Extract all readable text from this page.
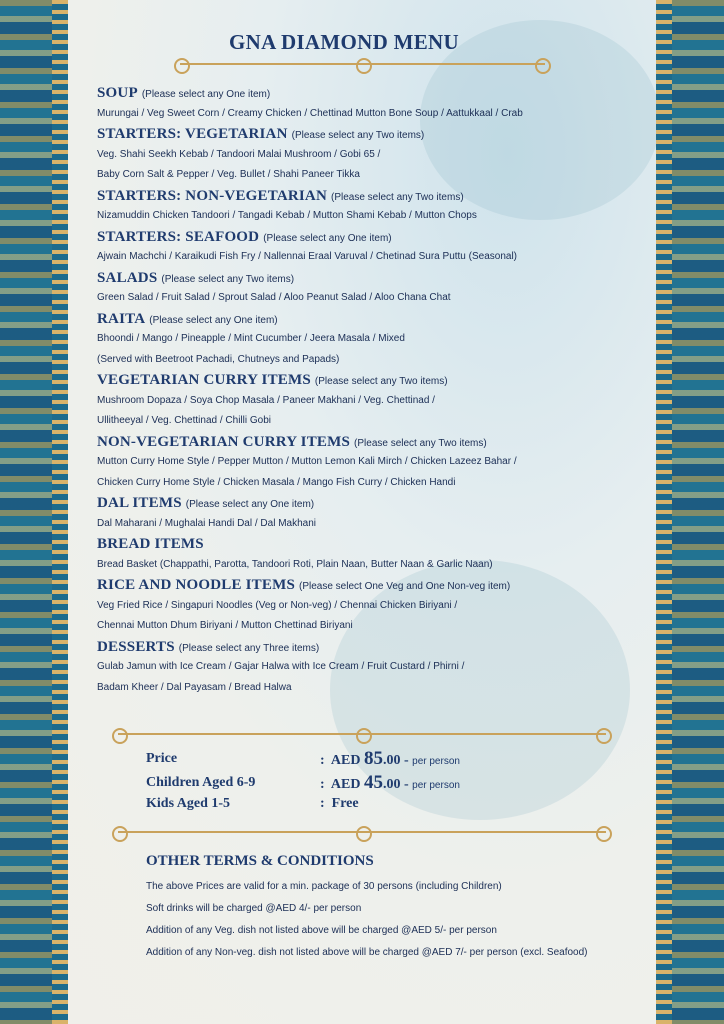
GNA DIAMOND MENU
SOUP (Please select any One item)
Murungai / Veg Sweet Corn / Creamy Chicken / Chettinad Mutton Bone Soup / Aattukkaal / Crab
STARTERS: VEGETARIAN (Please select any Two items)
Veg. Shahi Seekh Kebab / Tandoori Malai Mushroom / Gobi 65 /
Baby Corn Salt & Pepper / Veg. Bullet / Shahi Paneer Tikka
STARTERS: NON-VEGETARIAN (Please select any Two items)
Nizamuddin Chicken Tandoori / Tangadi Kebab / Mutton Shami Kebab / Mutton Chops
STARTERS: SEAFOOD (Please select any One item)
Ajwain Machchi / Karaikudi Fish Fry / Nallennai Eraal Varuval / Chetinad Sura Puttu (Seasonal)
SALADS (Please select any Two items)
Green Salad / Fruit Salad / Sprout Salad / Aloo Peanut Salad / Aloo Chana Chat
RAITA (Please select any One item)
Bhoondi / Mango / Pineapple / Mint Cucumber / Jeera Masala / Mixed
(Served with Beetroot Pachadi, Chutneys and Papads)
VEGETARIAN CURRY ITEMS (Please select any Two items)
Mushroom Dopaza / Soya Chop Masala / Paneer Makhani / Veg. Chettinad /
Ullitheeyal / Veg. Chettinad / Chilli Gobi
NON-VEGETARIAN CURRY ITEMS (Please select any Two items)
Mutton Curry Home Style / Pepper Mutton / Mutton Lemon Kali Mirch / Chicken Lazeez Bahar /
Chicken Curry Home Style / Chicken Masala / Mango Fish Curry / Chicken Handi
DAL ITEMS (Please select any One item)
Dal Maharani / Mughalai Handi Dal / Dal Makhani
BREAD ITEMS
Bread Basket (Chappathi, Parotta, Tandoori Roti, Plain Naan, Butter Naan & Garlic Naan)
RICE AND NOODLE ITEMS (Please select One Veg and One Non-veg item)
Veg Fried Rice / Singapuri Noodles (Veg or Non-veg) / Chennai Chicken Biriyani /
Chennai Mutton Dhum Biriyani / Mutton Chettinad Biriyani
DESSERTS (Please select any Three items)
Gulab Jamun with Ice Cream / Gajar Halwa with Ice Cream / Fruit Custard / Phirni /
Badam Kheer / Dal Payasam / Bread Halwa
Price	: AED 85.00 - per person
Children Aged 6-9	: AED 45.00 - per person
Kids Aged 1-5	: Free
OTHER TERMS & CONDITIONS
The above Prices are valid for a min. package of 30 persons (including Children)
Soft drinks will be charged @AED 4/- per person
Addition of any Veg. dish not listed above will be charged @AED 5/- per person
Addition of any Non-veg. dish not listed above will be charged @AED 7/- per person (excl. Seafood)
